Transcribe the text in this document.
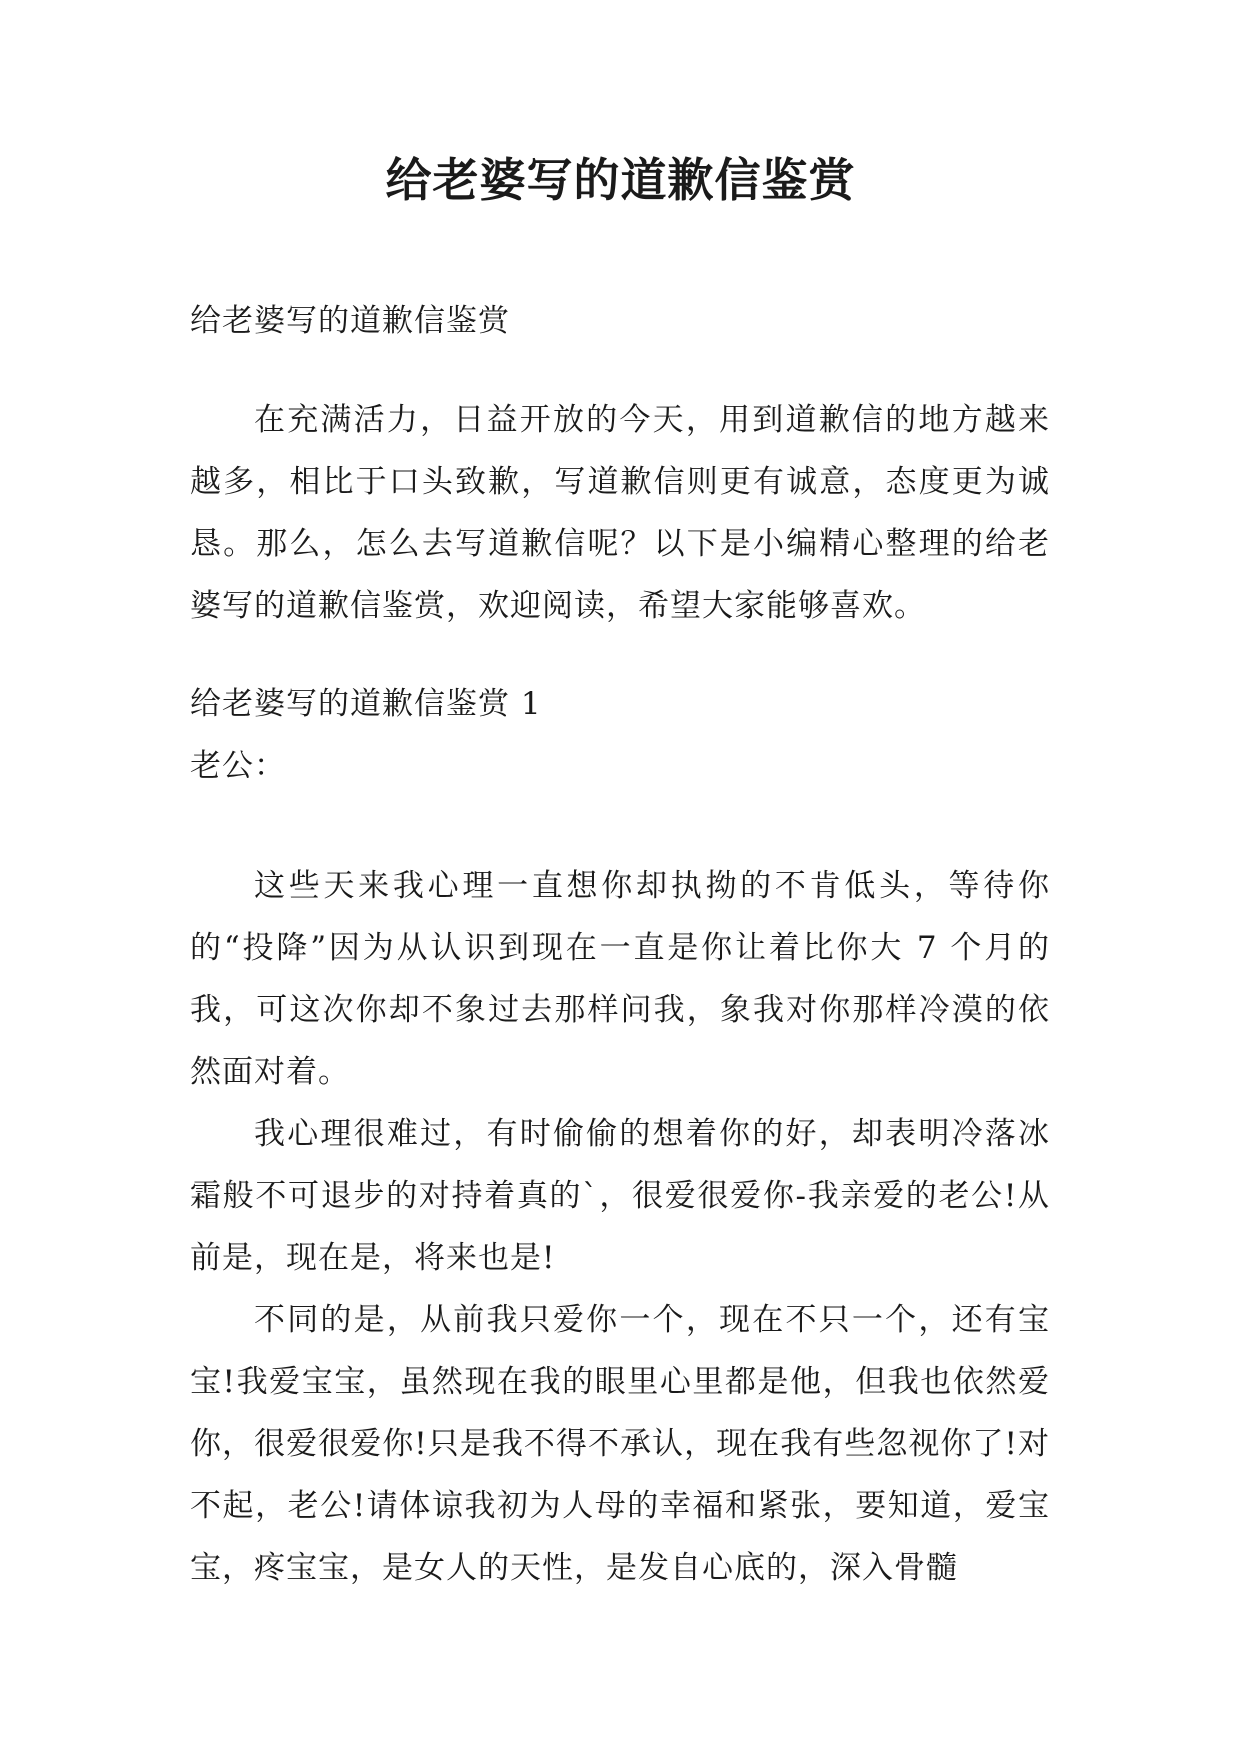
给老婆写的道歉信鉴赏

给老婆写的道歉信鉴赏

在充满活力，日益开放的今天，用到道歉信的地方越来越多，相比于口头致歉，写道歉信则更有诚意，态度更为诚恳。那么，怎么去写道歉信呢？以下是小编精心整理的给老婆写的道歉信鉴赏，欢迎阅读，希望大家能够喜欢。

给老婆写的道歉信鉴赏 1

老公：

这些天来我心理一直想你却执拗的不肯低头，等待你的“投降”因为从认识到现在一直是你让着比你大 7 个月的我，可这次你却不象过去那样问我，象我对你那样冷漠的依然面对着。

我心理很难过，有时偷偷的想着你的好，却表明冷落冰霜般不可退步的对持着真的`，很爱很爱你-我亲爱的老公!从前是，现在是，将来也是!

不同的是，从前我只爱你一个，现在不只一个，还有宝宝!我爱宝宝，虽然现在我的眼里心里都是他，但我也依然爱你，很爱很爱你!只是我不得不承认，现在我有些忽视你了!对不起，老公!请体谅我初为人母的幸福和紧张，要知道，爱宝宝，疼宝宝，是女人的天性，是发自心底的，深入骨髓
